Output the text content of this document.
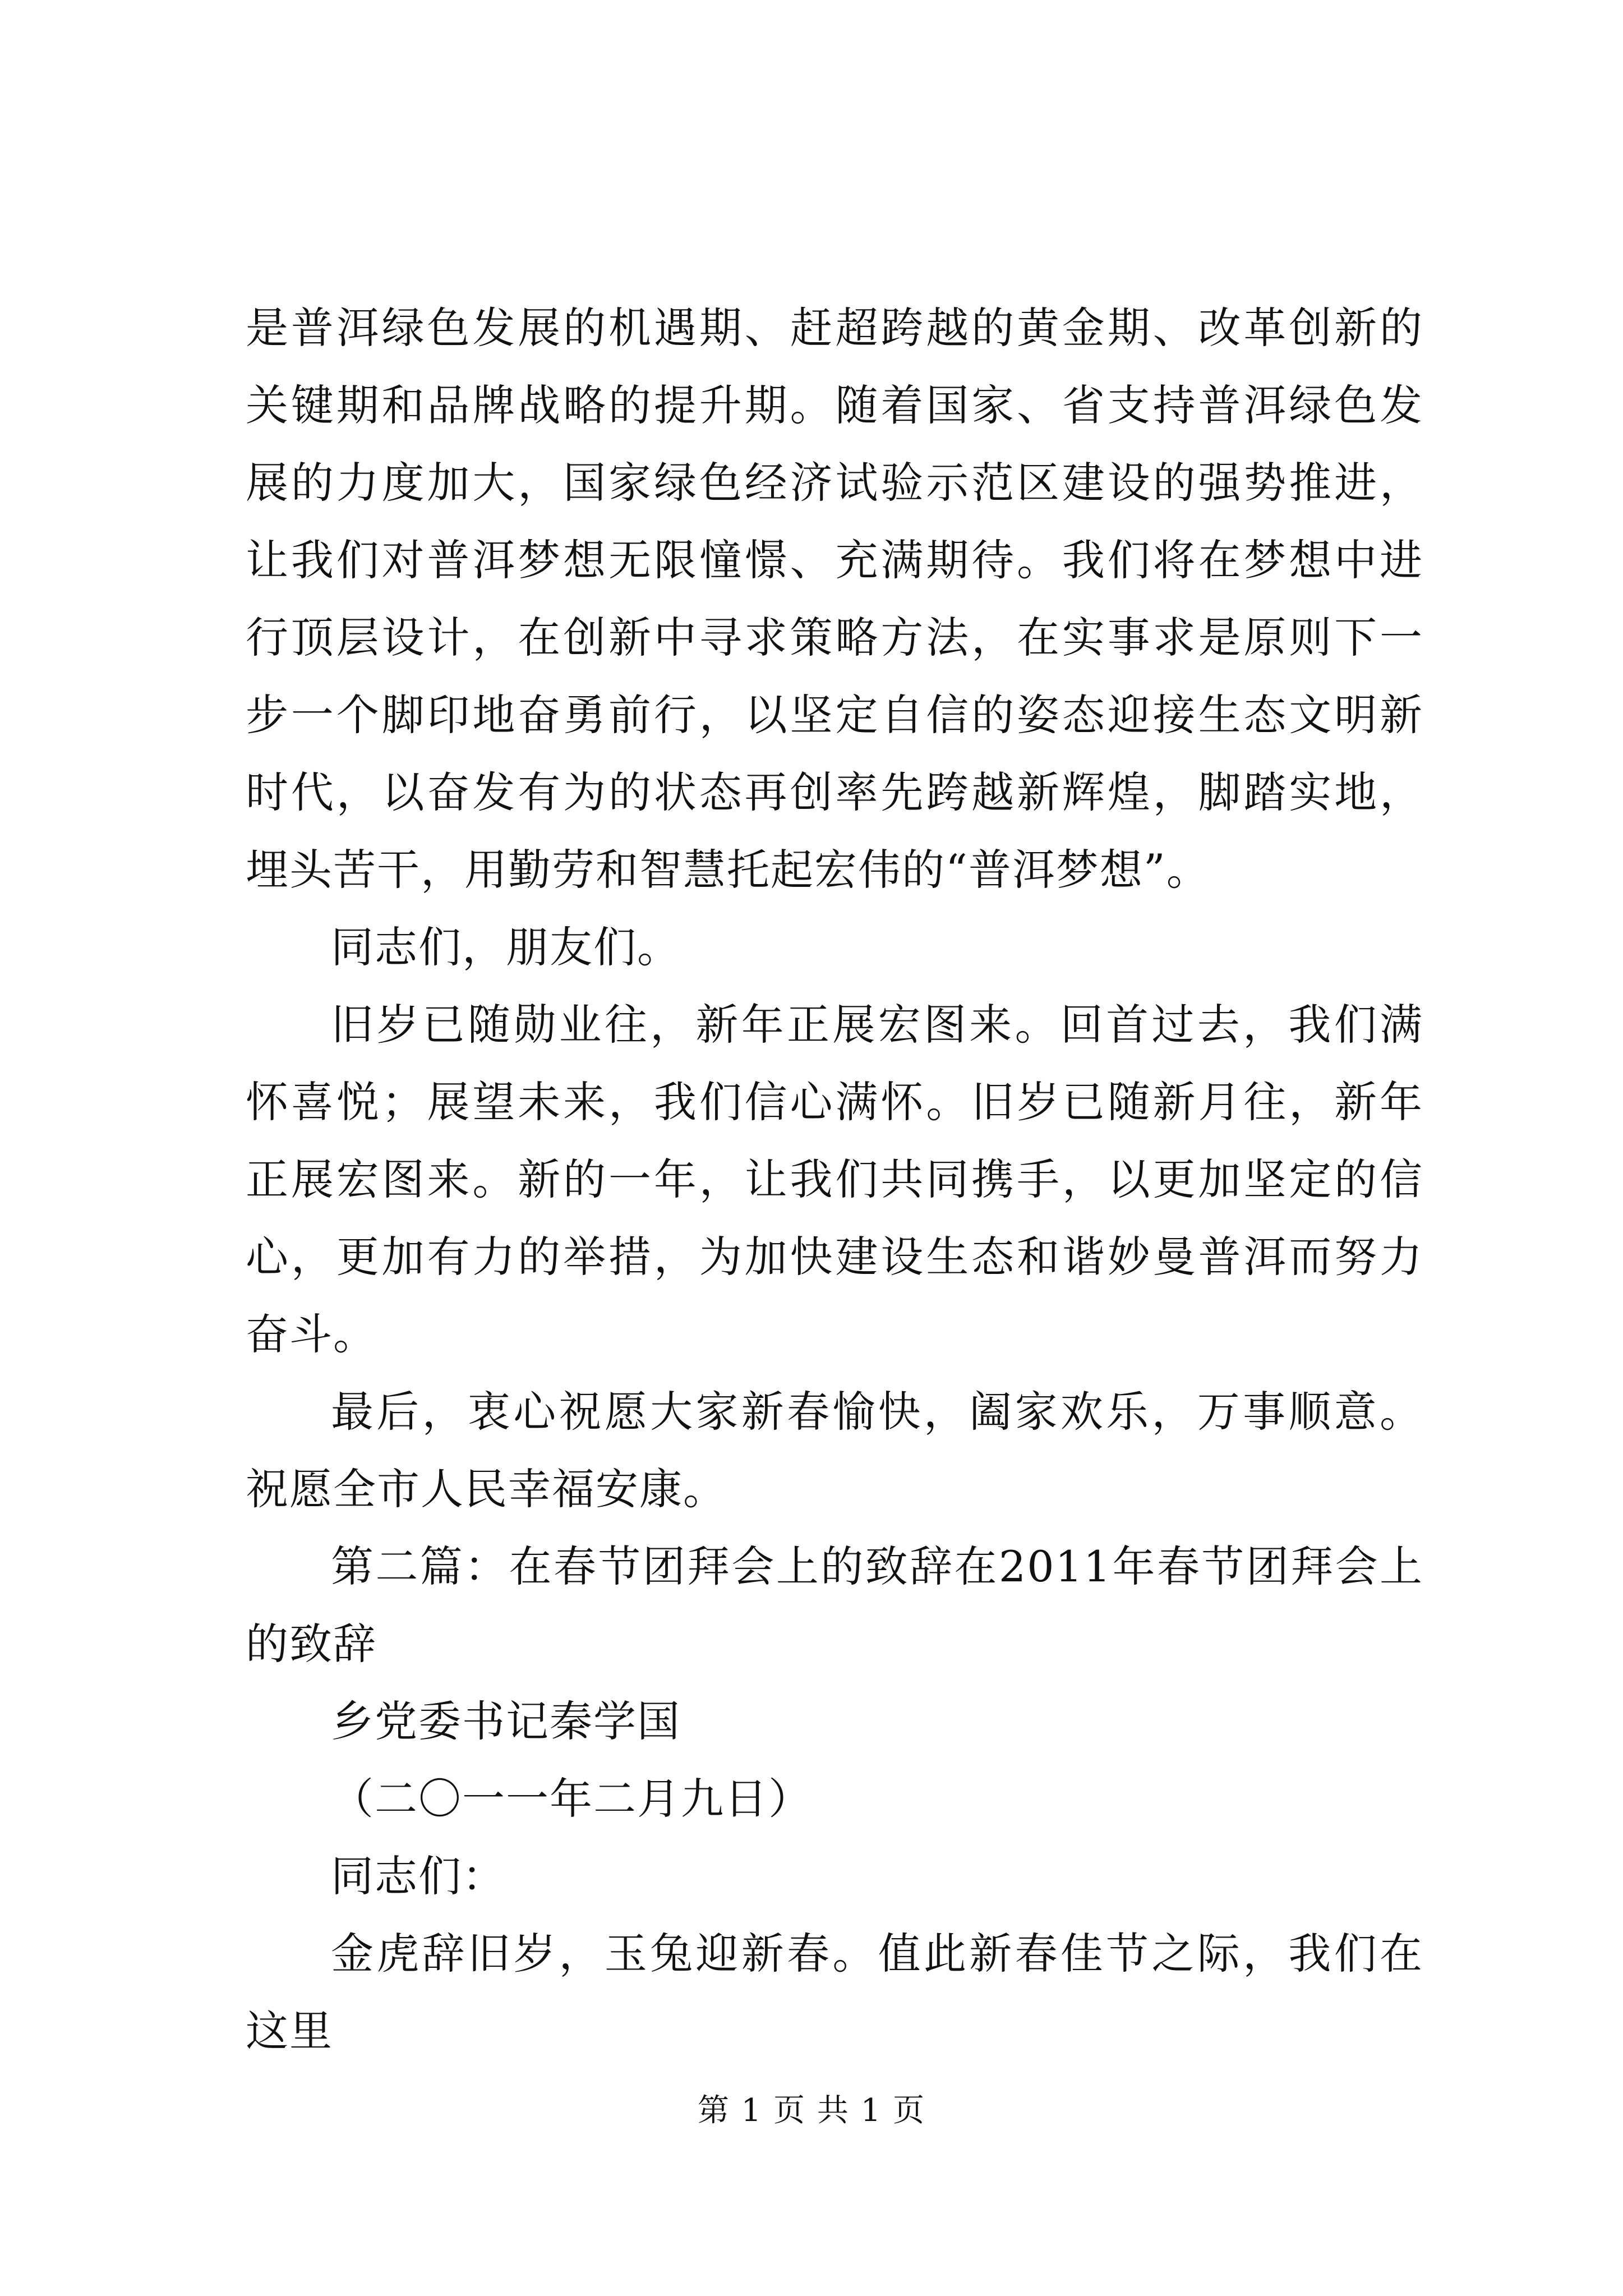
是普洱绿色发展的机遇期、赶超跨越的黄金期、改革创新的关键期和品牌战略的提升期。随着国家、省支持普洱绿色发展的力度加大，国家绿色经济试验示范区建设的强势推进，让我们对普洱梦想无限憧憬、充满期待。我们将在梦想中进行顶层设计，在创新中寻求策略方法，在实事求是原则下一步一个脚印地奋勇前行，以坚定自信的姿态迎接生态文明新时代，以奋发有为的状态再创率先跨越新辉煌，脚踏实地，埋头苦干，用勤劳和智慧托起宏伟的“普洱梦想”。

同志们，朋友们。

旧岁已随勋业往，新年正展宏图来。回首过去，我们满怀喜悦；展望未来，我们信心满怀。旧岁已随新月往，新年正展宏图来。新的一年，让我们共同携手，以更加坚定的信心，更加有力的举措，为加快建设生态和谐妙曼普洱而努力奋斗。

最后，衷心祝愿大家新春愉快，阖家欢乐，万事顺意。祝愿全市人民幸福安康。

第二篇：在春节团拜会上的致辞在2011年春节团拜会上的致辞

乡党委书记秦学国

（二〇一一年二月九日）

同志们：

金虎辞旧岁，玉兔迎新春。值此新春佳节之际，我们在这里

第 1 页 共 1 页
